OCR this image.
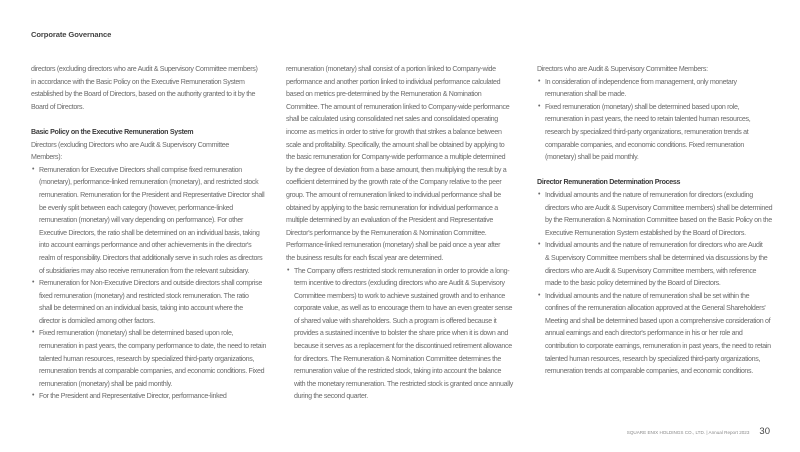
Corporate Governance
directors (excluding directors who are Audit & Supervisory Committee members)
in accordance with the Basic Policy on the Executive Remuneration System
established by the Board of Directors, based on the authority granted to it by the
Board of Directors.
Basic Policy on the Executive Remuneration System
Directors (excluding Directors who are Audit & Supervisory Committee
Members):
• Remuneration for Executive Directors shall comprise fixed remuneration
(monetary), performance-linked remuneration (monetary), and restricted stock
remuneration. Remuneration for the President and Representative Director shall
be evenly split between each category (however, performance-linked
remuneration (monetary) will vary depending on performance). For other
Executive Directors, the ratio shall be determined on an individual basis, taking
into account earnings performance and other achievements in the director's
realm of responsibility. Directors that additionally serve in such roles as directors
of subsidiaries may also receive remuneration from the relevant subsidiary.
• Remuneration for Non-Executive Directors and outside directors shall comprise
fixed remuneration (monetary) and restricted stock remuneration. The ratio
shall be determined on an individual basis, taking into account where the
director is domiciled among other factors.
• Fixed remuneration (monetary) shall be determined based upon role,
remuneration in past years, the company performance to date, the need to retain
talented human resources, research by specialized third-party organizations,
remuneration trends at comparable companies, and economic conditions. Fixed
remuneration (monetary) shall be paid monthly.
• For the President and Representative Director, performance-linked
remuneration (monetary) shall consist of a portion linked to Company-wide
performance and another portion linked to individual performance calculated
based on metrics pre-determined by the Remuneration & Nomination
Committee. The amount of remuneration linked to Company-wide performance
shall be calculated using consolidated net sales and consolidated operating
income as metrics in order to strive for growth that strikes a balance between
scale and profitability. Specifically, the amount shall be obtained by applying to
the basic remuneration for Company-wide performance a multiple determined
by the degree of deviation from a base amount, then multiplying the result by a
coefficient determined by the growth rate of the Company relative to the peer
group. The amount of remuneration linked to individual performance shall be
obtained by applying to the basic remuneration for individual performance a
multiple determined by an evaluation of the President and Representative
Director's performance by the Remuneration & Nomination Committee.
Performance-linked remuneration (monetary) shall be paid once a year after
the business results for each fiscal year are determined.
• The Company offers restricted stock remuneration in order to provide a long-
term incentive to directors (excluding directors who are Audit & Supervisory
Committee members) to work to achieve sustained growth and to enhance
corporate value, as well as to encourage them to have an even greater sense
of shared value with shareholders. Such a program is offered because it
provides a sustained incentive to bolster the share price when it is down and
because it serves as a replacement for the discontinued retirement allowance
for directors. The Remuneration & Nomination Committee determines the
remuneration value of the restricted stock, taking into account the balance
with the monetary remuneration. The restricted stock is granted once annually
during the second quarter.
Directors who are Audit & Supervisory Committee Members:
• In consideration of independence from management, only monetary
remuneration shall be made.
• Fixed remuneration (monetary) shall be determined based upon role,
remuneration in past years, the need to retain talented human resources,
research by specialized third-party organizations, remuneration trends at
comparable companies, and economic conditions. Fixed remuneration
(monetary) shall be paid monthly.
Director Remuneration Determination Process
• Individual amounts and the nature of remuneration for directors (excluding
directors who are Audit & Supervisory Committee members) shall be determined
by the Remuneration & Nomination Committee based on the Basic Policy on the
Executive Remuneration System established by the Board of Directors.
• Individual amounts and the nature of remuneration for directors who are Audit
& Supervisory Committee members shall be determined via discussions by the
directors who are Audit & Supervisory Committee members, with reference
made to the basic policy determined by the Board of Directors.
• Individual amounts and the nature of remuneration shall be set within the
confines of the remuneration allocation approved at the General Shareholders'
Meeting and shall be determined based upon a comprehensive consideration of
annual earnings and each director's performance in his or her role and
contribution to corporate earnings, remuneration in past years, the need to retain
talented human resources, research by specialized third-party organizations,
remuneration trends at comparable companies, and economic conditions.
SQUARE ENIX HOLDINGS CO., LTD. | Annual Report 2023 30
